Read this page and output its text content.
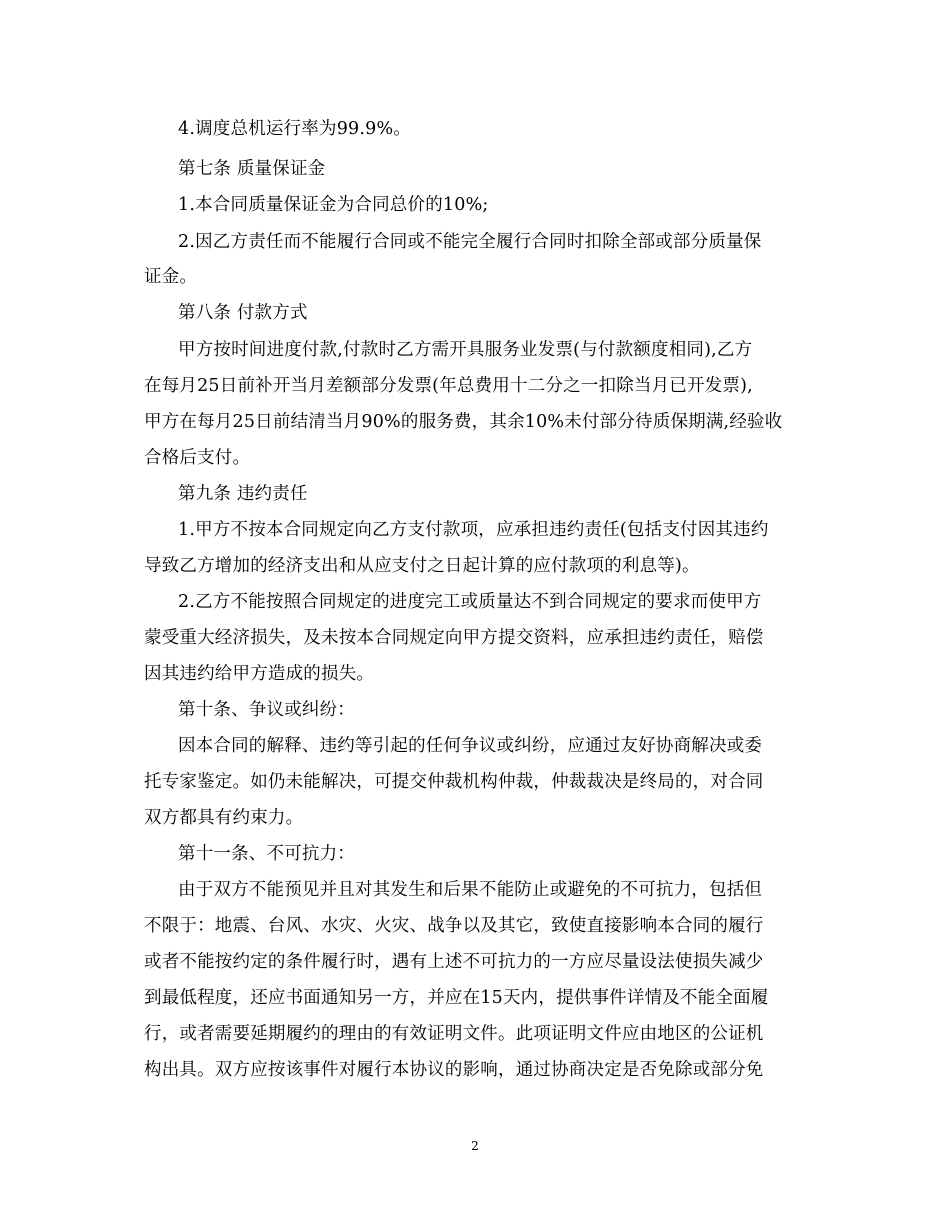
4.调度总机运行率为99.9%。
第七条 质量保证金
1.本合同质量保证金为合同总价的10%;
2.因乙方责任而不能履行合同或不能完全履行合同时扣除全部或部分质量保
证金。
第八条 付款方式
甲方按时间进度付款,付款时乙方需开具服务业发票(与付款额度相同),乙方
在每月25日前补开当月差额部分发票(年总费用十二分之一扣除当月已开发票),
甲方在每月25日前结清当月90%的服务费，其余10%未付部分待质保期满,经验收
合格后支付。
第九条 违约责任
1.甲方不按本合同规定向乙方支付款项，应承担违约责任(包括支付因其违约
导致乙方增加的经济支出和从应支付之日起计算的应付款项的利息等)。
2.乙方不能按照合同规定的进度完工或质量达不到合同规定的要求而使甲方
蒙受重大经济损失，及未按本合同规定向甲方提交资料，应承担违约责任，赔偿
因其违约给甲方造成的损失。
第十条、争议或纠纷：
因本合同的解释、违约等引起的任何争议或纠纷，应通过友好协商解决或委
托专家鉴定。如仍未能解决，可提交仲裁机构仲裁，仲裁裁决是终局的，对合同
双方都具有约束力。
第十一条、不可抗力：
由于双方不能预见并且对其发生和后果不能防止或避免的不可抗力，包括但
不限于：地震、台风、水灾、火灾、战争以及其它，致使直接影响本合同的履行
或者不能按约定的条件履行时，遇有上述不可抗力的一方应尽量设法使损失减少
到最低程度，还应书面通知另一方，并应在15天内，提供事件详情及不能全面履
行，或者需要延期履约的理由的有效证明文件。此项证明文件应由地区的公证机
构出具。双方应按该事件对履行本协议的影响，通过协商决定是否免除或部分免
2
